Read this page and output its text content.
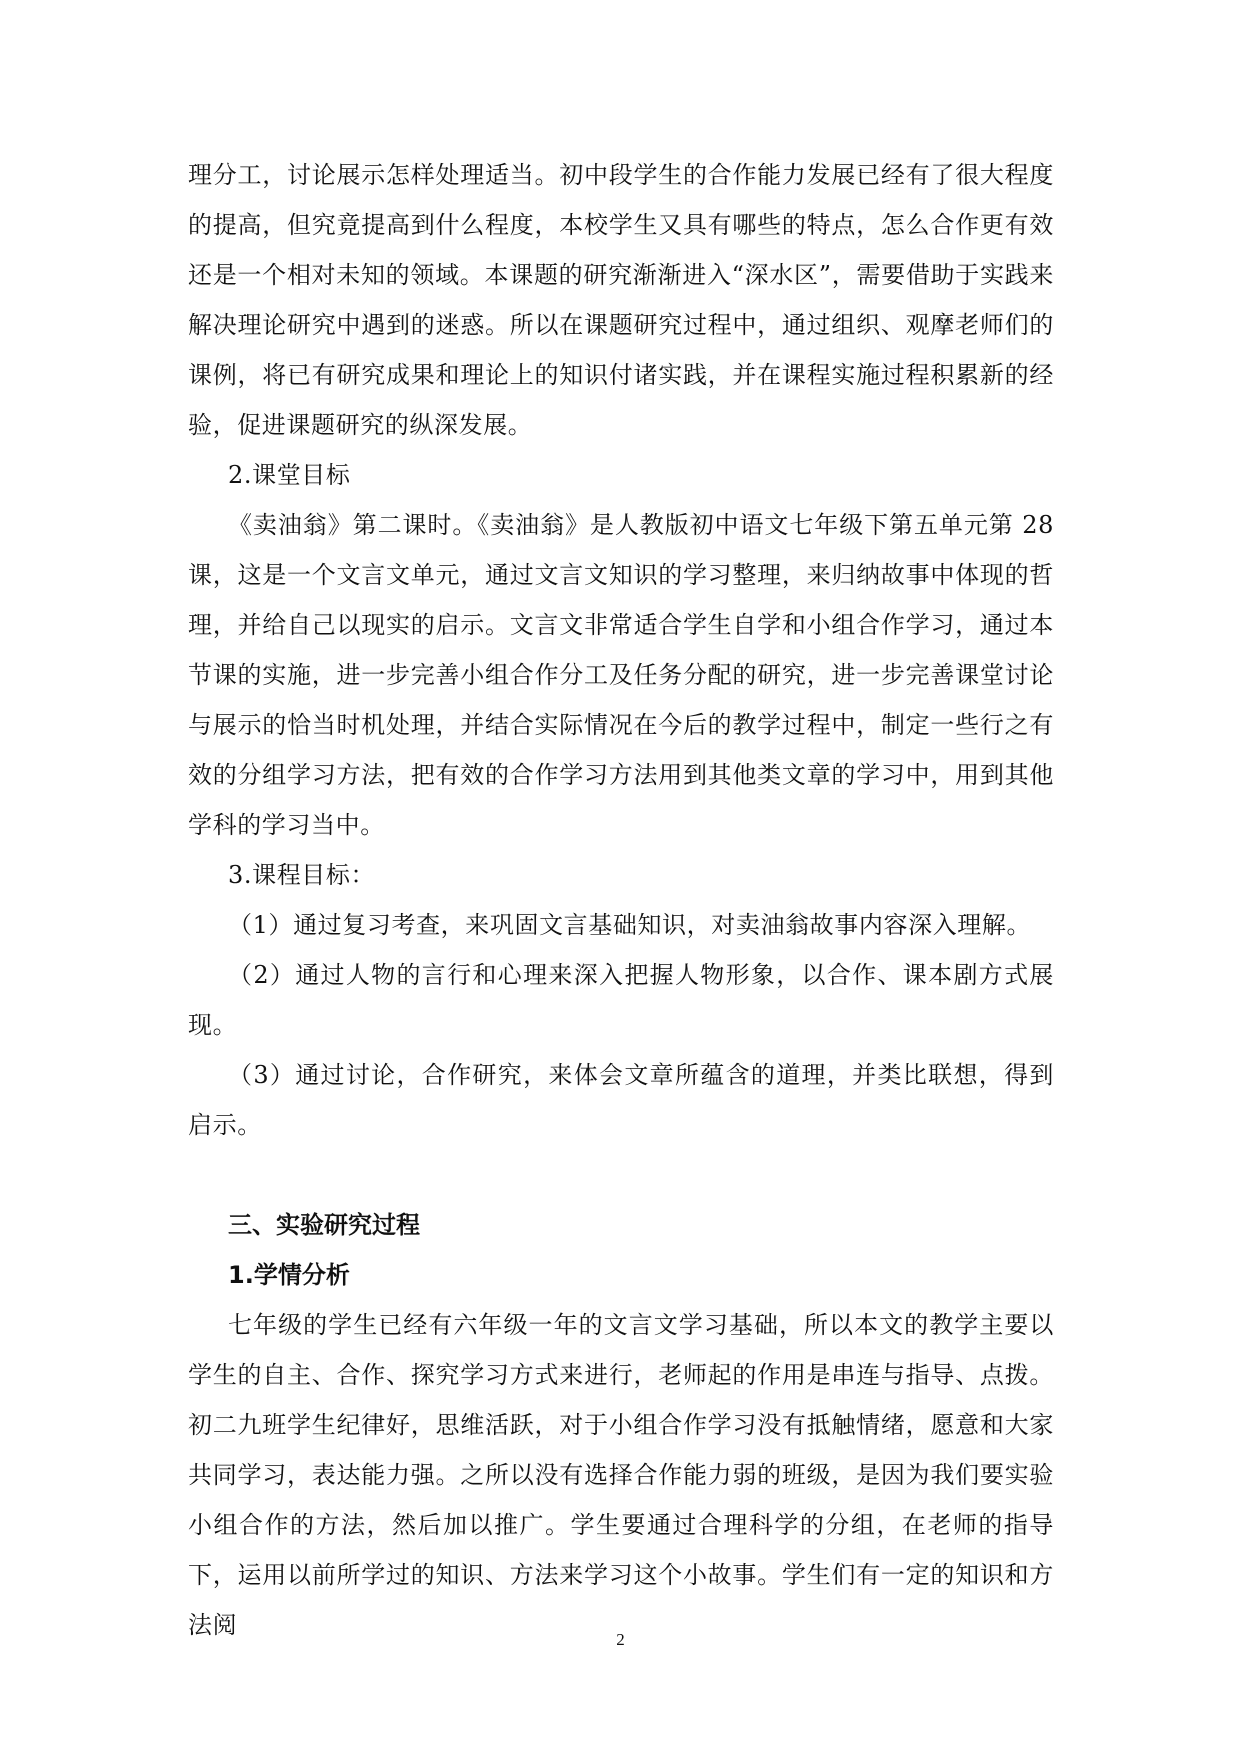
理分工，讨论展示怎样处理适当。初中段学生的合作能力发展已经有了很大程度的提高，但究竟提高到什么程度，本校学生又具有哪些的特点，怎么合作更有效还是一个相对未知的领域。本课题的研究渐渐进入“深水区”，需要借助于实践来解决理论研究中遇到的迷惑。所以在课题研究过程中，通过组织、观摩老师们的课例，将已有研究成果和理论上的知识付诸实践，并在课程实施过程积累新的经验，促进课题研究的纵深发展。

2.课堂目标

《卖油翁》第二课时。《卖油翁》是人教版初中语文七年级下第五单元第 28 课，这是一个文言文单元，通过文言文知识的学习整理，来归纳故事中体现的哲理，并给自己以现实的启示。文言文非常适合学生自学和小组合作学习，通过本节课的实施，进一步完善小组合作分工及任务分配的研究，进一步完善课堂讨论与展示的恰当时机处理，并结合实际情况在今后的教学过程中，制定一些行之有效的分组学习方法，把有效的合作学习方法用到其他类文章的学习中，用到其他学科的学习当中。

3.课程目标：

（1）通过复习考查，来巩固文言基础知识，对卖油翁故事内容深入理解。

（2）通过人物的言行和心理来深入把握人物形象，以合作、课本剧方式展现。

（3）通过讨论，合作研究，来体会文章所蕴含的道理，并类比联想，得到启示。

三、实验研究过程

1.学情分析

七年级的学生已经有六年级一年的文言文学习基础，所以本文的教学主要以学生的自主、合作、探究学习方式来进行，老师起的作用是串连与指导、点拨。初二九班学生纪律好，思维活跃，对于小组合作学习没有抵触情绪，愿意和大家共同学习，表达能力强。之所以没有选择合作能力弱的班级，是因为我们要实验小组合作的方法，然后加以推广。学生要通过合理科学的分组，在老师的指导下，运用以前所学过的知识、方法来学习这个小故事。学生们有一定的知识和方法阅

2
